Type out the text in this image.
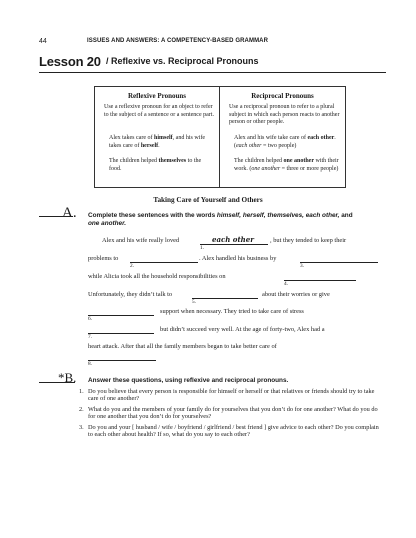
44	ISSUES AND ANSWERS: A COMPETENCY-BASED GRAMMAR
Lesson 20 / Reflexive vs. Reciprocal Pronouns
Reflexive Pronouns
Use a reflexive pronoun for an object to refer to the subject of a sentence or a sentence part.
Alex takes care of himself, and his wife takes care of herself.
The children helped themselves to the food.
Reciprocal Pronouns
Use a reciprocal pronoun to refer to a plural subject in which each person reacts to another person or other people.
Alex and his wife take care of each other. (each other = two people)
The children helped one another with their work. (one another = three or more people)
Taking Care of Yourself and Others
A. Complete these sentences with the words himself, herself, themselves, each other, and
one another.
Alex and his wife really loved	each other
1.
, but they tended to keep their
problems to
2.
. Alex handled his business by
3.
while Alicia took all the household responsibilities on
4.
Unfortunately, they didn’t talk to
5.
about their worries or give
6.
support when necessary. They tried to take care of stress
7.
but didn’t succeed very well. At the age of forty-two, Alex had a
heart attack. After that all the family members began to take better care of
8.
*B. Answer these questions, using reflexive and reciprocal pronouns.
1. Do you believe that every person is responsible for himself or herself or that relatives or friends should try to take care of one another?
2. What do you and the members of your family do for yourselves that you don’t do for one another? What do you do for one another that you don’t do for yourselves?
3. Do you and your [ husband / wife / boyfriend / girlfriend / best friend ] give advice to each other? Do you complain to each other about health? If so, what do you say to each other?
